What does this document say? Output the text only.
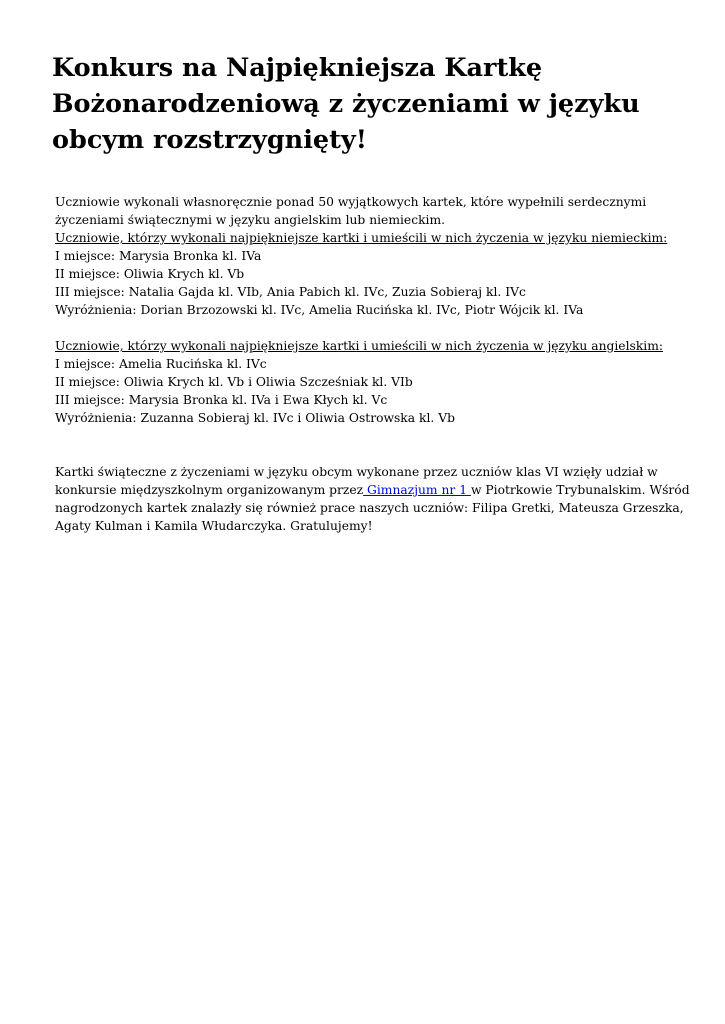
Konkurs na Najpiękniejsza Kartkę Bożonarodzeniową z życzeniami w języku obcym rozstrzygnięty!

Uczniowie wykonali własnoręcznie ponad 50 wyjątkowych kartek, które wypełnili serdecznymi życzeniami świątecznymi w języku angielskim lub niemieckim.

Uczniowie, którzy wykonali najpiękniejsze kartki i umieścili w nich życzenia w języku niemieckim:

I miejsce: Marysia Bronka kl. IVa

II miejsce: Oliwia Krych kl. Vb

III miejsce: Natalia Gajda kl. VIb, Ania Pabich kl. IVc, Zuzia Sobieraj kl. IVc

Wyróżnienia: Dorian Brzozowski kl. IVc, Amelia Rucińska kl. IVc, Piotr Wójcik kl. IVa

Uczniowie, którzy wykonali najpiękniejsze kartki i umieścili w nich życzenia w języku angielskim:

I miejsce: Amelia Rucińska kl. IVc

II miejsce: Oliwia Krych kl. Vb i Oliwia Szcześniak kl. VIb

III miejsce: Marysia Bronka kl. IVa i Ewa Kłych kl. Vc

Wyróżnienia: Zuzanna Sobieraj kl. IVc i Oliwia Ostrowska kl. Vb

Kartki świąteczne z życzeniami w języku obcym wykonane przez uczniów klas VI wzięły udział w konkursie międzyszkolnym organizowanym przez Gimnazjum nr 1 w Piotrkowie Trybunalskim. Wśród nagrodzonych kartek znalazły się również prace naszych uczniów: Filipa Gretki, Mateusza Grzeszka, Agaty Kulman i Kamila Włudarczyka. Gratulujemy!
